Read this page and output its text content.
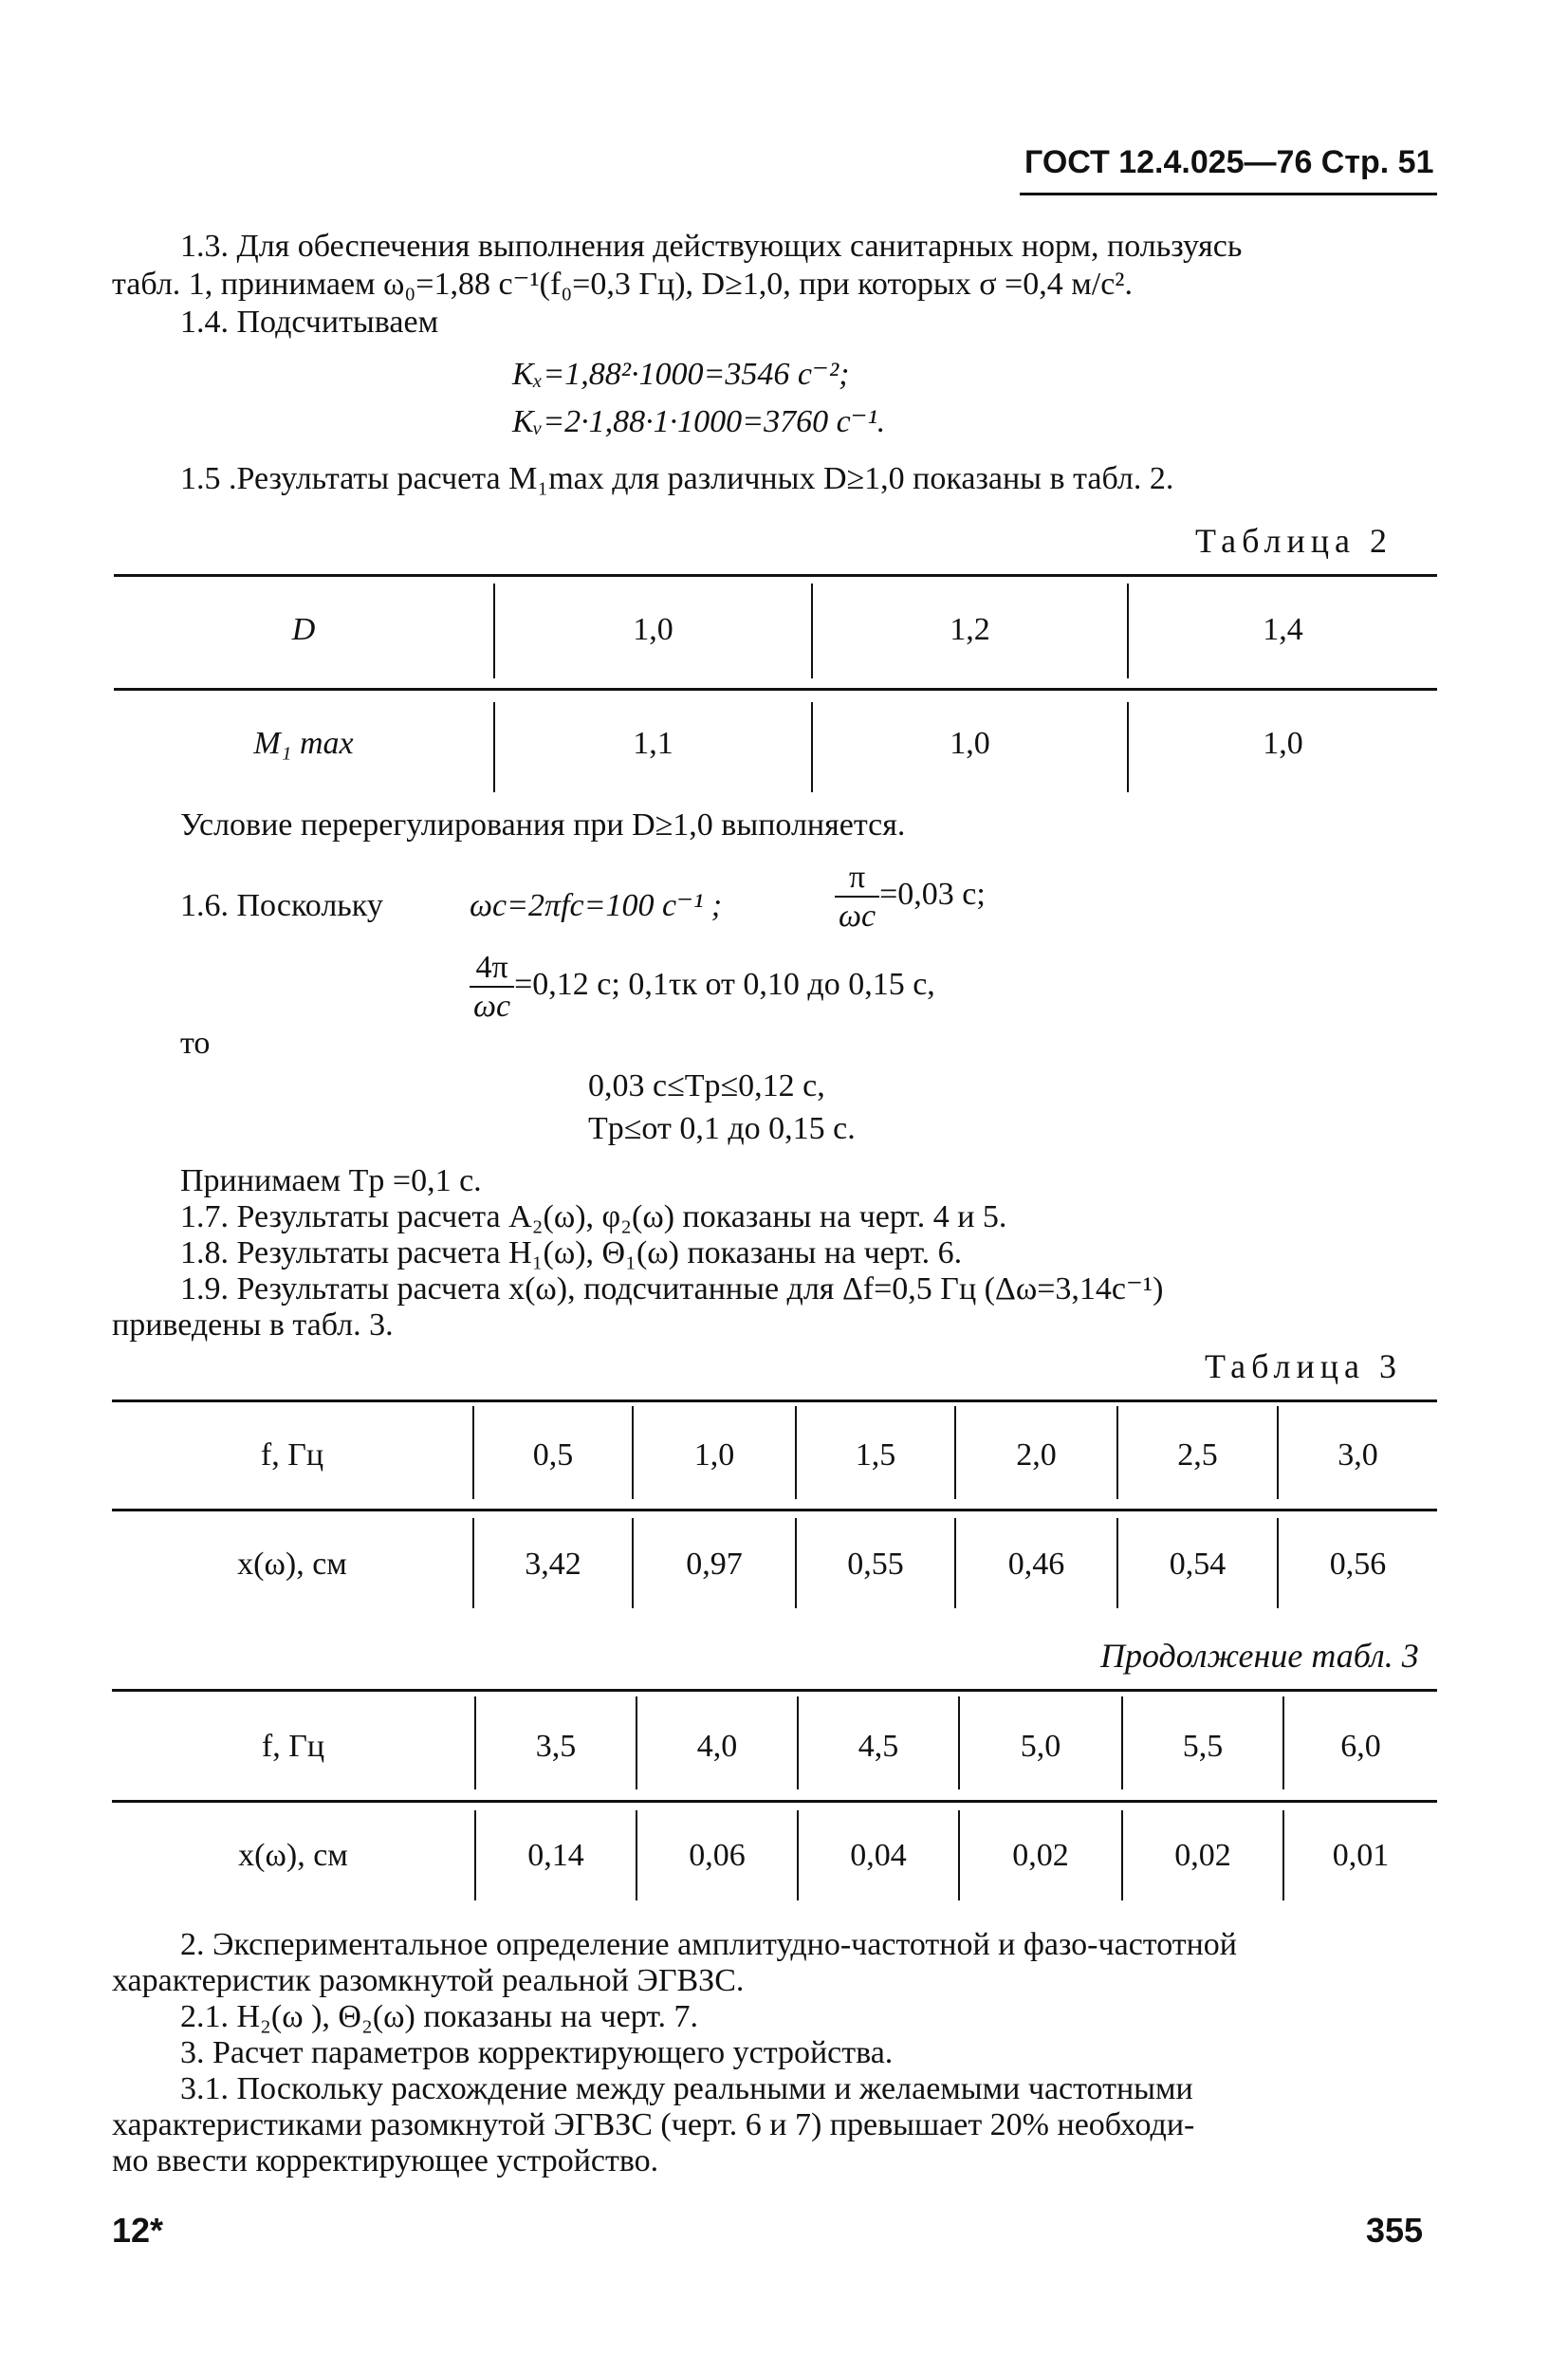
ГОСТ 12.4.025—76 Стр. 51
1.3. Для обеспечения выполнения действующих санитарных норм, пользуясь
табл. 1, принимаем ω₀=1,88 с⁻¹(f₀=0,3 Гц), D≥1,0, при которых σ =0,4 м/с².
1.4. Подсчитываем
Kₓ=1,88²·1000=3546 с⁻²;
Kᵥ=2·1,88·1·1000=3760 с⁻¹.
1.5 .Результаты расчета M₁max для различных D≥1,0 показаны в табл. 2.
Таблица 2
D	1,0	1,2	1,4
M₁ max	1,1	1,0	1,0
Условие перерегулирования при D≥1,0 выполняется.
1.6. Поскольку	ωc=2πfc=100 с⁻¹ ;	$\frac{\pi}{\omega c} =0,03$ с;
$\frac{4\pi}{\omega c} =0,12$ с; 0,1τк от 0,10 до 0,15 с,
то
0,03 с≤Tp≤0,12 с,
Tp≤от 0,1 до 0,15 с.
Принимаем Tp =0,1 с.
1.7. Результаты расчета A₂(ω), φ₂(ω) показаны на черт. 4 и 5.
1.8. Результаты расчета H₁(ω), Θ₁(ω) показаны на черт. 6.
1.9. Результаты расчета x(ω), подсчитанные для Δf=0,5 Гц (Δω=3,14с⁻¹)
приведены в табл. 3.
Таблица 3
f, Гц	0,5	1,0	1,5	2,0	2,5	3,0
x(ω), см	3,42	0,97	0,55	0,46	0,54	0,56
Продолжение табл. 3
f, Гц	3,5	4,0	4,5	5,0	5,5	6,0
x(ω), см	0,14	0,06	0,04	0,02	0,02	0,01
2. Экспериментальное определение амплитудно-частотной и фазо-частотной
характеристик разомкнутой реальной ЭГВЗС.
2.1. H₂(ω ), Θ₂(ω) показаны на черт. 7.
3. Расчет параметров корректирующего устройства.
3.1. Поскольку расхождение между реальными и желаемыми частотными
характеристиками разомкнутой ЭГВЗС (черт. 6 и 7) превышает 20% необходи-
мо ввести корректирующее устройство.
12*	355
